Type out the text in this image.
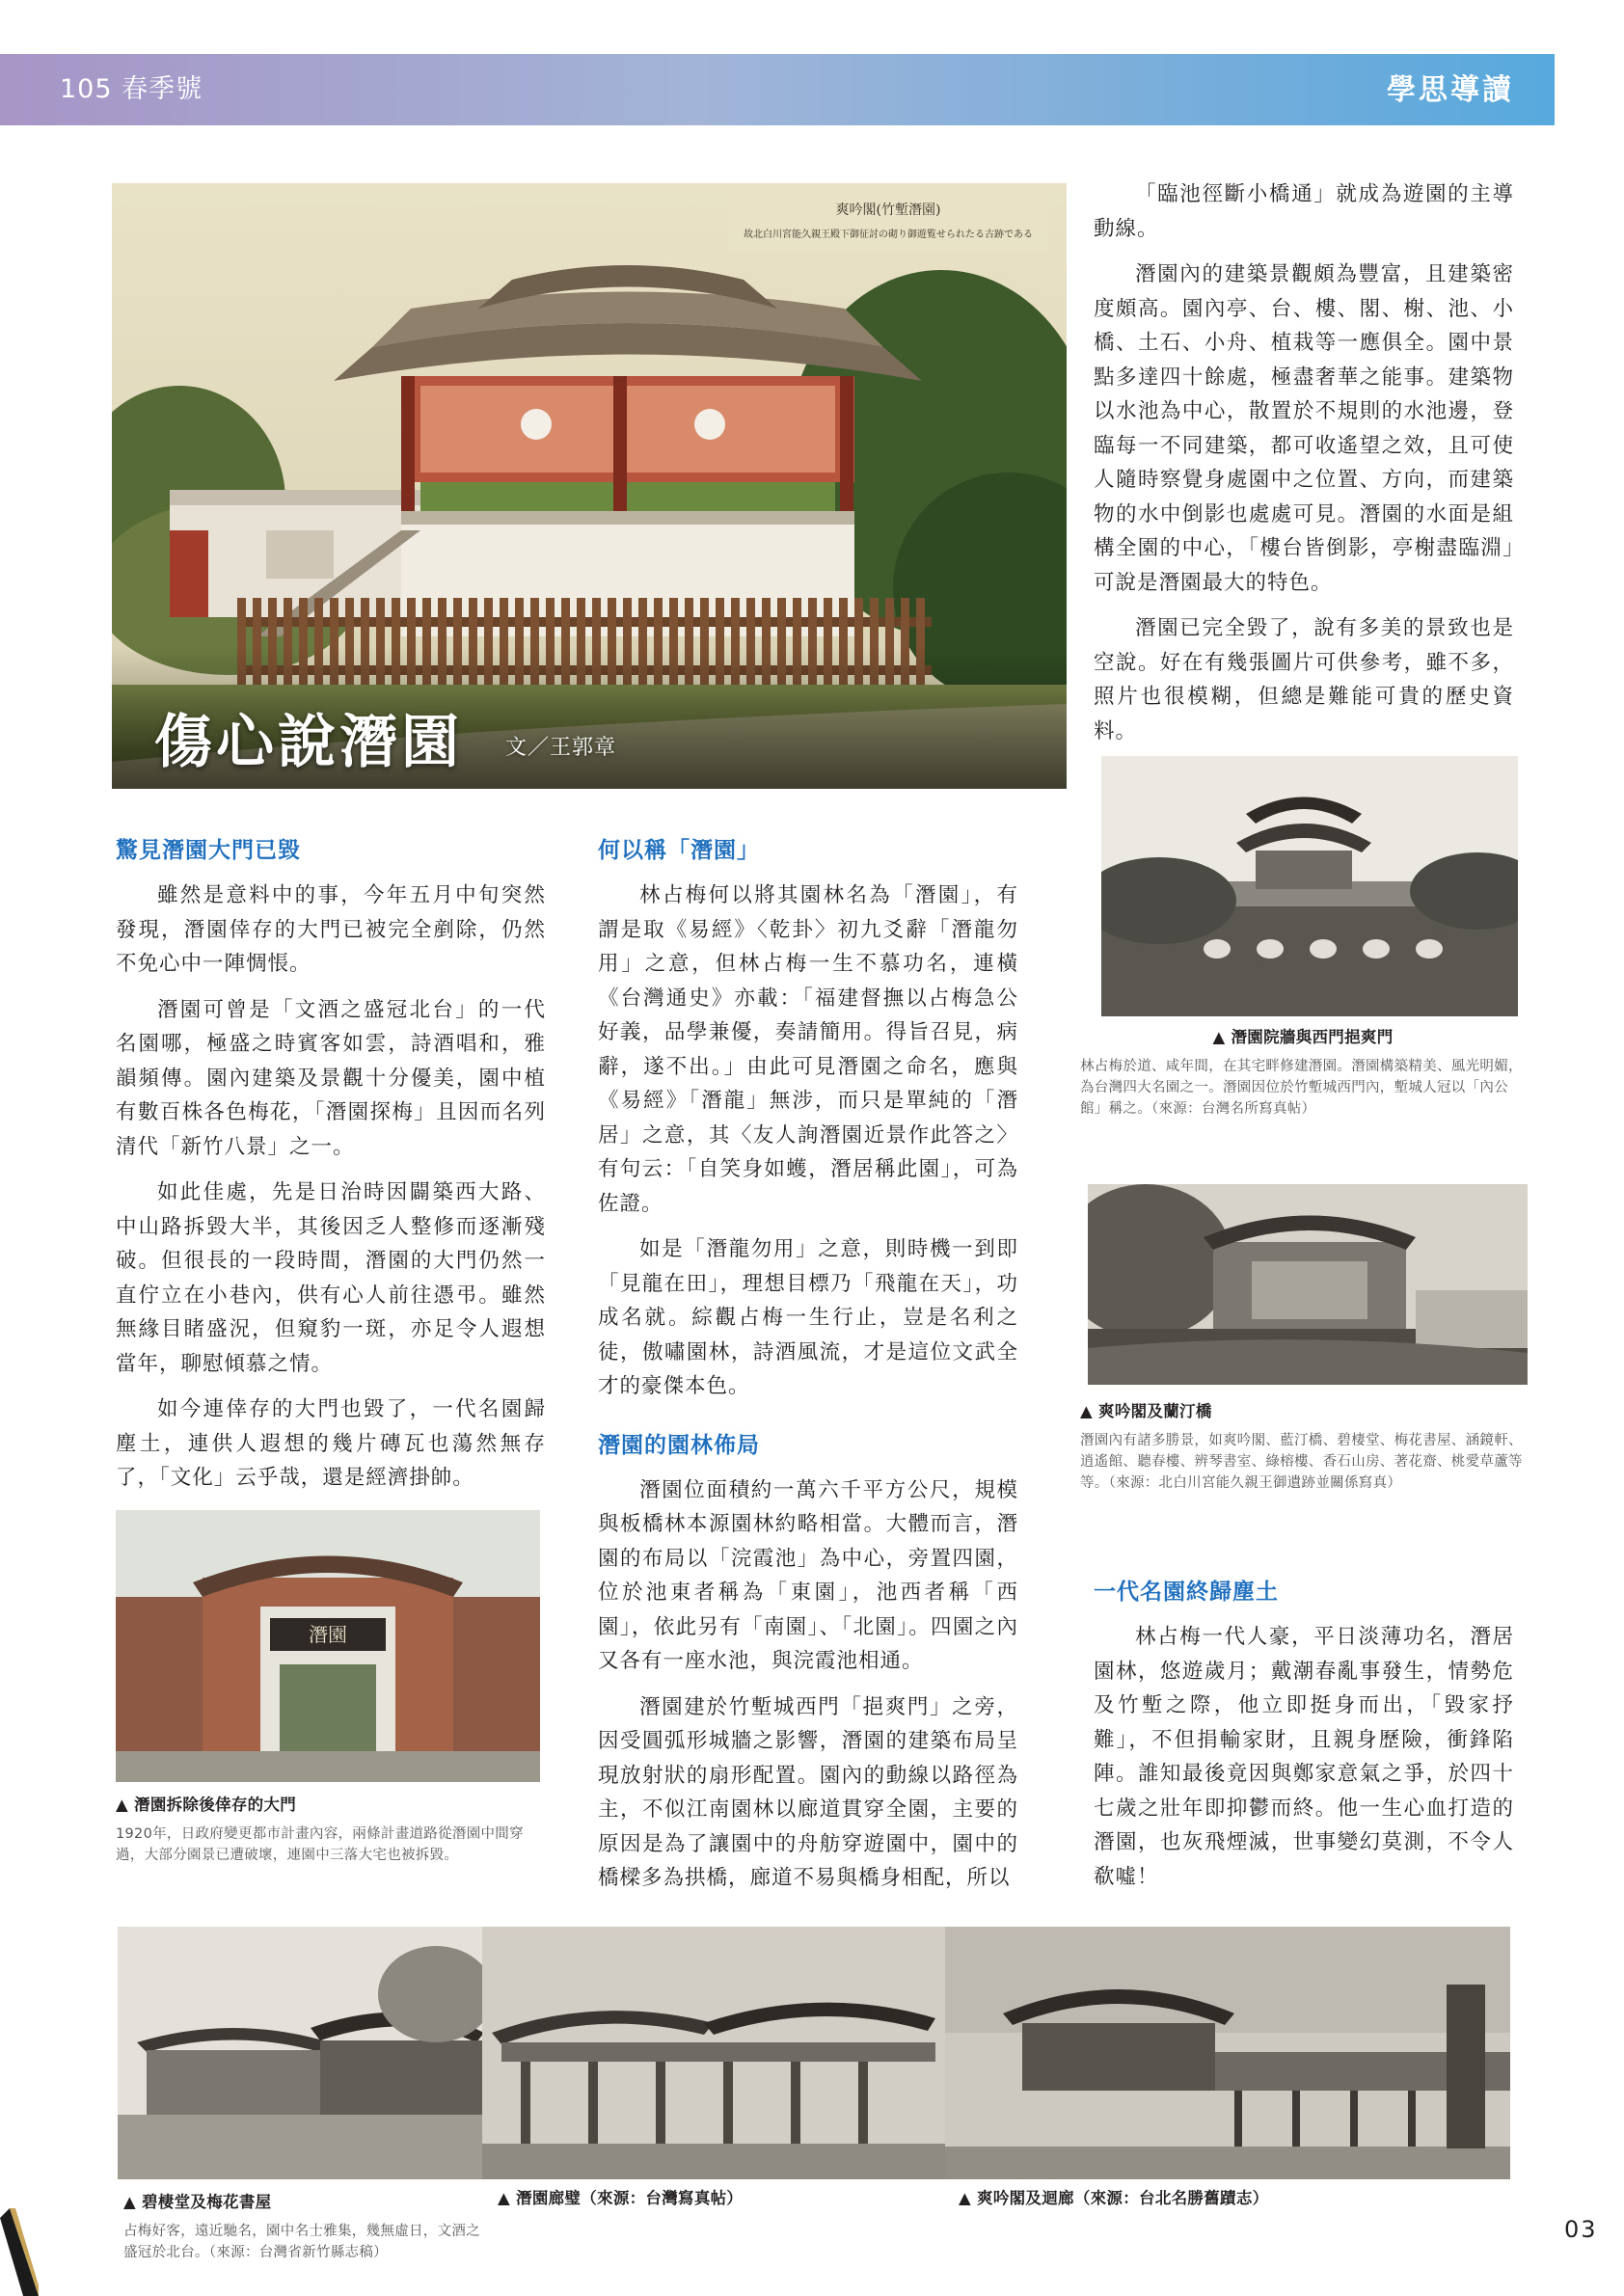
105 春季號	學思導讀
爽吟閣(竹塹潛園)
故北白川宮能久親王殿下御征討の砌り御遊覧せられたる古跡である
傷心說潛園 文／王郭章
驚見潛園大門已毀

雖然是意料中的事，今年五月中旬突然發現，潛園倖存的大門已被完全剷除，仍然不免心中一陣惆悵。

潛園可曾是「文酒之盛冠北台」的一代名園哪，極盛之時賓客如雲，詩酒唱和，雅韻頻傳。園內建築及景觀十分優美，園中植有數百株各色梅花，「潛園探梅」且因而名列清代「新竹八景」之一。

如此佳處，先是日治時因闢築西大路、中山路拆毀大半，其後因乏人整修而逐漸殘破。但很長的一段時間，潛園的大門仍然一直佇立在小巷內，供有心人前往憑弔。雖然無緣目睹盛況，但窺豹一斑，亦足令人遐想當年，聊慰傾慕之情。

如今連倖存的大門也毀了，一代名園歸塵土，連供人遐想的幾片磚瓦也蕩然無存了，「文化」云乎哉，還是經濟掛帥。

潛園
▲ 潛園拆除後倖存的大門
1920年，日政府變更都市計畫內容，兩條計畫道路從潛園中間穿過，大部分園景已遭破壞，連園中三落大宅也被拆毀。
何以稱「潛園」

林占梅何以將其園林名為「潛園」，有謂是取《易經》〈乾卦〉初九爻辭「潛龍勿用」之意，但林占梅一生不慕功名，連橫《台灣通史》亦載：「福建督撫以占梅急公好義，品學兼優，奏請簡用。得旨召見，病辭，遂不出。」由此可見潛園之命名，應與《易經》「潛龍」無涉，而只是單純的「潛居」之意，其〈友人詢潛園近景作此答之〉有句云：「自笑身如蠖，潛居稱此園」，可為佐證。

如是「潛龍勿用」之意，則時機一到即「見龍在田」，理想目標乃「飛龍在天」，功成名就。綜觀占梅一生行止，豈是名利之徒，傲嘯園林，詩酒風流，才是這位文武全才的豪傑本色。

潛園的園林佈局

潛園位面積約一萬六千平方公尺，規模與板橋林本源園林約略相當。大體而言，潛園的布局以「浣霞池」為中心，旁置四園，位於池東者稱為「東園」，池西者稱「西園」，依此另有「南園」、「北園」。四園之內又各有一座水池，與浣霞池相通。

潛園建於竹塹城西門「挹爽門」之旁，因受圓弧形城牆之影響，潛園的建築布局呈現放射狀的扇形配置。園內的動線以路徑為主，不似江南園林以廊道貫穿全園，主要的原因是為了讓園中的舟舫穿遊園中，園中的橋樑多為拱橋，廊道不易與橋身相配，所以

「臨池徑斷小橋通」就成為遊園的主導動線。

潛園內的建築景觀頗為豐富，且建築密度頗高。園內亭、台、樓、閣、榭、池、小橋、土石、小舟、植栽等一應俱全。園中景點多達四十餘處，極盡奢華之能事。建築物以水池為中心，散置於不規則的水池邊，登臨每一不同建築，都可收遙望之效，且可使人隨時察覺身處園中之位置、方向，而建築物的水中倒影也處處可見。潛園的水面是組構全園的中心，「樓台皆倒影，亭榭盡臨淵」可說是潛園最大的特色。

潛園已完全毀了，說有多美的景致也是空說。好在有幾張圖片可供參考，雖不多，照片也很模糊，但總是難能可貴的歷史資料。

▲ 潛園院牆與西門挹爽門
林占梅於道、咸年間，在其宅畔修建潛園。潛園構築精美、風光明媚，為台灣四大名園之一。潛園因位於竹塹城西門內，塹城人冠以「內公館」稱之。（來源：台灣名所寫真帖）
▲ 爽吟閣及蘭汀橋
潛園內有諸多勝景，如爽吟閣、藍汀橋、碧棲堂、梅花書屋、涵鏡軒、逍遙館、聽春樓、辨琴書室、綠榕樓、香石山房、著花齋、桃愛草蘆等等。（來源：北白川宮能久親王御遺跡並關係寫真）
一代名園終歸塵土

林占梅一代人豪，平日淡薄功名，潛居園林，悠遊歲月；戴潮春亂事發生，情勢危及竹塹之際，他立即挺身而出，「毀家抒難」，不但捐輸家財，且親身歷險，衝鋒陷陣。誰知最後竟因與鄭家意氣之爭，於四十七歲之壯年即抑鬱而終。他一生心血打造的潛園，也灰飛煙滅，世事變幻莫測，不令人欷噓！

▲ 碧棲堂及梅花書屋
占梅好客，遠近馳名，園中名士雅集，幾無虛日，文酒之盛冠於北台。（來源：台灣省新竹縣志稿）
▲ 潛園廊璧（來源：台灣寫真帖）	▲ 爽吟閣及迴廊（來源：台北名勝舊蹟志）
03
